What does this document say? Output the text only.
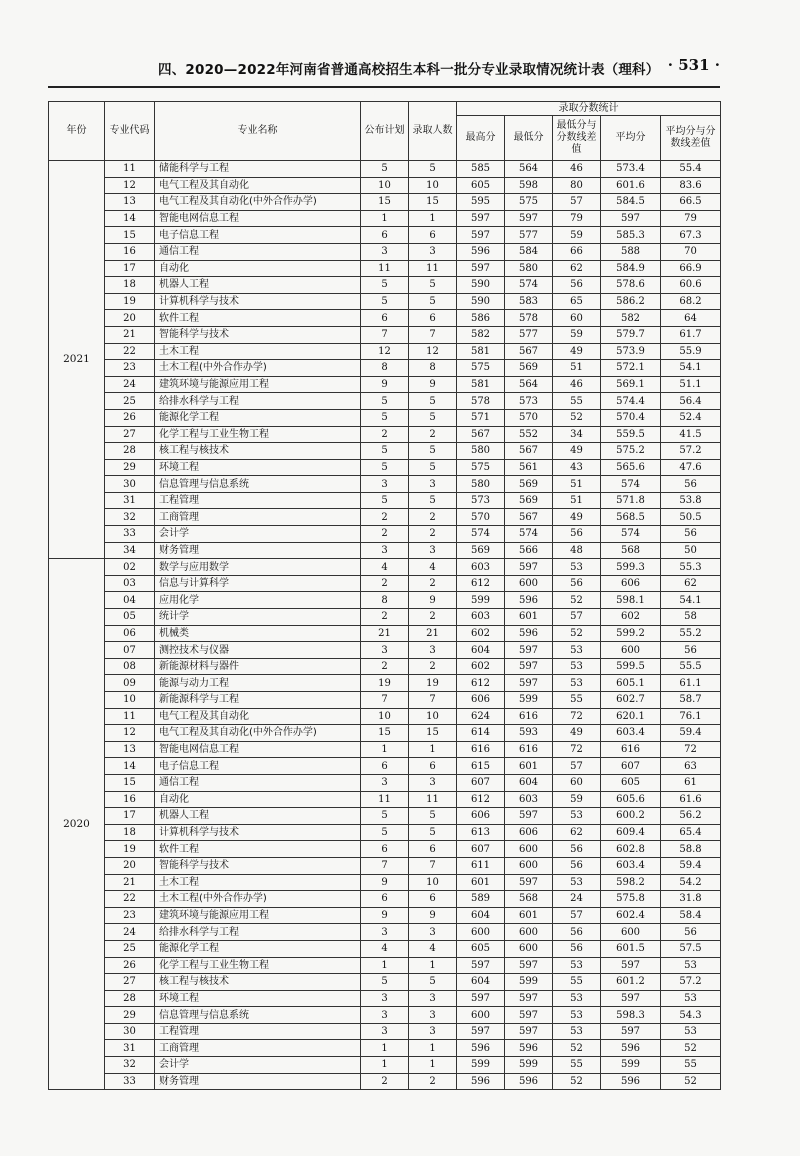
四、2020—2022年河南省普通高校招生本科一批分专业录取情况统计表（理科） · 531 ·
年份	专业代码	专业名称	公布计划	录取人数	录取分数统计				
					最高分	最低分	最低分与分数线差值	平均分	平均分与分数线差值
2021	11	储能科学与工程	5	5	585	564	46	573.4	55.4
	12	电气工程及其自动化	10	10	605	598	80	601.6	83.6
	13	电气工程及其自动化(中外合作办学)	15	15	595	575	57	584.5	66.5
	14	智能电网信息工程	1	1	597	597	79	597	79
	15	电子信息工程	6	6	597	577	59	585.3	67.3
	16	通信工程	3	3	596	584	66	588	70
	17	自动化	11	11	597	580	62	584.9	66.9
	18	机器人工程	5	5	590	574	56	578.6	60.6
	19	计算机科学与技术	5	5	590	583	65	586.2	68.2
	20	软件工程	6	6	586	578	60	582	64
	21	智能科学与技术	7	7	582	577	59	579.7	61.7
	22	土木工程	12	12	581	567	49	573.9	55.9
	23	土木工程(中外合作办学)	8	8	575	569	51	572.1	54.1
	24	建筑环境与能源应用工程	9	9	581	564	46	569.1	51.1
	25	给排水科学与工程	5	5	578	573	55	574.4	56.4
	26	能源化学工程	5	5	571	570	52	570.4	52.4
	27	化学工程与工业生物工程	2	2	567	552	34	559.5	41.5
	28	核工程与核技术	5	5	580	567	49	575.2	57.2
	29	环境工程	5	5	575	561	43	565.6	47.6
	30	信息管理与信息系统	3	3	580	569	51	574	56
	31	工程管理	5	5	573	569	51	571.8	53.8
	32	工商管理	2	2	570	567	49	568.5	50.5
	33	会计学	2	2	574	574	56	574	56
	34	财务管理	3	3	569	566	48	568	50
2020	02	数学与应用数学	4	4	603	597	53	599.3	55.3
	03	信息与计算科学	2	2	612	600	56	606	62
	04	应用化学	8	9	599	596	52	598.1	54.1
	05	统计学	2	2	603	601	57	602	58
	06	机械类	21	21	602	596	52	599.2	55.2
	07	测控技术与仪器	3	3	604	597	53	600	56
	08	新能源材料与器件	2	2	602	597	53	599.5	55.5
	09	能源与动力工程	19	19	612	597	53	605.1	61.1
	10	新能源科学与工程	7	7	606	599	55	602.7	58.7
	11	电气工程及其自动化	10	10	624	616	72	620.1	76.1
	12	电气工程及其自动化(中外合作办学)	15	15	614	593	49	603.4	59.4
	13	智能电网信息工程	1	1	616	616	72	616	72
	14	电子信息工程	6	6	615	601	57	607	63
	15	通信工程	3	3	607	604	60	605	61
	16	自动化	11	11	612	603	59	605.6	61.6
	17	机器人工程	5	5	606	597	53	600.2	56.2
	18	计算机科学与技术	5	5	613	606	62	609.4	65.4
	19	软件工程	6	6	607	600	56	602.8	58.8
	20	智能科学与技术	7	7	611	600	56	603.4	59.4
	21	土木工程	9	10	601	597	53	598.2	54.2
	22	土木工程(中外合作办学)	6	6	589	568	24	575.8	31.8
	23	建筑环境与能源应用工程	9	9	604	601	57	602.4	58.4
	24	给排水科学与工程	3	3	600	600	56	600	56
	25	能源化学工程	4	4	605	600	56	601.5	57.5
	26	化学工程与工业生物工程	1	1	597	597	53	597	53
	27	核工程与核技术	5	5	604	599	55	601.2	57.2
	28	环境工程	3	3	597	597	53	597	53
	29	信息管理与信息系统	3	3	600	597	53	598.3	54.3
	30	工程管理	3	3	597	597	53	597	53
	31	工商管理	1	1	596	596	52	596	52
	32	会计学	1	1	599	599	55	599	55
	33	财务管理	2	2	596	596	52	596	52
